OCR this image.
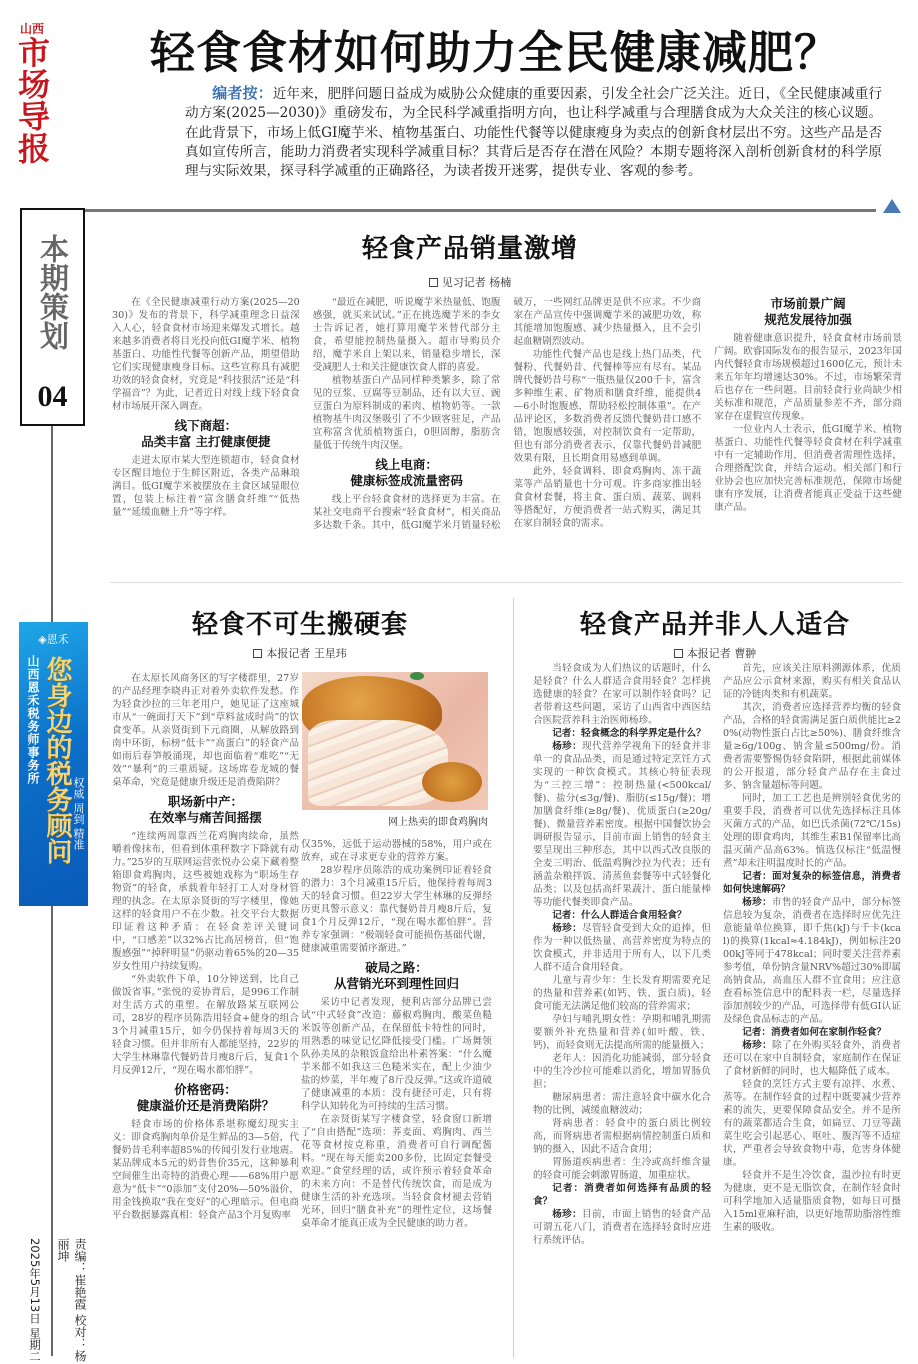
山西
市场导报 轻食食材如何助力全民健康减肥？
  编者按：近年来，肥胖问题日益成为威胁公众健康的重要因素，引发全社会广泛关注。近日，《全民健康减重行动方案(2025—2030)》重磅发布，为全民科学减重指明方向，也让科学减重与合理膳食成为大众关注的核心议题。在此背景下，市场上低GI魔芋米、植物基蛋白、功能性代餐等以健康瘦身为卖点的创新食材层出不穷。这些产品是否真如宣传所言，能助力消费者实现科学减重目标？其背后是否存在潜在风险？本期专题将深入剖析创新食材的科学原理与实际效果，探寻科学减重的正确路径，为读者拨开迷雾，提供专业、客观的参考。
本期策划
04
◈恩禾
山西恩禾税务师事务所 您身边的税务顾问 权威 周到 精准
责编：崔艳霞 校对：杨丽坤
2025年5月13日 星期二
轻食产品销量激增
见习记者 杨楠

在《全民健康减重行动方案(2025—2030)》发布的背景下，科学减重理念日益深入人心，轻食食材市场迎来爆发式增长。越来越多消费者将目光投向低GI魔芋米、植物基蛋白、功能性代餐等创新产品，期望借助它们实现健康瘦身目标。这些宣称具有减肥功效的轻食食材，究竟是“科技狠活”还是“科学福音”？为此，记者近日对线上线下轻食食材市场展开深入调查。

线下商超：
品类丰富 主打健康便捷

走进太原市某大型连锁超市，轻食食材专区醒目地位于生鲜区附近，各类产品琳琅满目。低GI魔芋米被摆放在主食区域显眼位置，包装上标注着“富含膳食纤维”“低热量”“延缓血糖上升”等字样。

“最近在减肥，听说魔芋米热量低、饱腹感强，就买来试试。”正在挑选魔芋米的李女士告诉记者，她打算用魔芋米替代部分主食，希望能控制热量摄入。超市导购员介绍，魔芋米自上架以来，销量稳步增长，深受减肥人士和关注健康饮食人群的喜爱。

植物基蛋白产品同样种类繁多，除了常见的豆浆、豆腐等豆制品，还有以大豆、豌豆蛋白为原料制成的素肉、植物奶等。一款植物基牛肉汉堡吸引了不少顾客驻足，产品宣称富含优质植物蛋白，0胆固醇，脂肪含量低于传统牛肉汉堡。

线上电商：
健康标签成流量密码

线上平台轻食食材的选择更为丰富。在某社交电商平台搜索“轻食食材”，相关商品多达数千条。其中，低GI魔芋米月销量轻松破万，一些网红品牌更是供不应求。不少商家在产品宣传中强调魔芋米的减肥功效，称其能增加饱腹感、减少热量摄入，且不会引起血糖剧烈波动。

功能性代餐产品也是线上热门品类，代餐粉、代餐奶昔、代餐棒等应有尽有。某品牌代餐奶昔号称“一瓶热量仅200千卡，富含多种维生素、矿物质和膳食纤维，能提供4—6小时饱腹感，帮助轻松控制体重”。在产品评论区，多数消费者反馈代餐奶昔口感不错，饱腹感较强，对控制饮食有一定帮助，但也有部分消费者表示，仅靠代餐奶昔减肥效果有限，且长期食用易感到单调。

此外，轻食调料、即食鸡胸肉、冻干蔬菜等产品销量也十分可观。许多商家推出轻食食材套餐，将主食、蛋白质、蔬菜、调料等搭配好，方便消费者一站式购买，满足其在家自制轻食的需求。

市场前景广阔
规范发展待加强

随着健康意识提升，轻食食材市场前景广阔。欧睿国际发布的报告显示，2023年国内代餐轻食市场规模超过1600亿元，预计未来五年年均增速达30%。不过，市场繁荣背后也存在一些问题。目前轻食行业尚缺少相关标准和规范，产品质量参差不齐，部分商家存在虚假宣传现象。

一位业内人士表示，低GI魔芋米、植物基蛋白、功能性代餐等轻食食材在科学减重中有一定辅助作用，但消费者需理性选择，合理搭配饮食，并结合运动。相关部门和行业协会也应加快完善标准规范，保障市场健康有序发展，让消费者能真正受益于这些健康产品。

轻食不可生搬硬套
本报记者 王星玮

在太原长风商务区的写字楼群里，27岁的产品经理李晓冉正对着外卖软件发愁。作为轻食沙拉的三年老用户，她见证了这座城市从“一碗面打天下”到“草料盆成时尚”的饮食变革。从亲贤街到下元商圈，从解放路到南中环街，标榜“低卡”“高蛋白”的轻食产品如雨后春笋般涌现，却也面临着“难吃”“无效”“暴利”的三重质疑。这场席卷龙城的餐桌革命，究竟是健康升级还是消费陷阱？

职场新中产：
在效率与痛苦间摇摆

“连续两周靠西兰花鸡胸肉续命，虽然嚼着像抹布，但看到体重秤数字下降就有动力。”25岁的互联网运营张悦办公桌下藏着整箱即食鸡胸肉，这些被她戏称为“职场生存物资”的轻食，承载着年轻打工人对身材管理的执念。在太原亲贤街的写字楼里，像她这样的轻食用户不在少数。社交平台大数据印证着这种矛盾：在轻食差评关键词中，“口感差”以32%占比高居榜首，但“饱腹感强”“掉秤明显”仍驱动着65%的20—35岁女性用户持续复购。

“外卖软件下单，10分钟送到，比自己做饭省事。”张悦的妥协背后，是996工作制对生活方式的重塑。在解放路某互联网公司，28岁的程序员陈浩用轻食+健身的组合3个月减重15斤，如今仍保持着每周3天的轻食习惯。但并非所有人都能坚持，22岁的大学生林琳靠代餐奶昔月瘦8斤后，复食1个月反弹12斤，“现在喝水都怕胖”。

价格密码：
健康溢价还是消费陷阱？

轻食市场的价格体系堪称魔幻现实主义：即食鸡胸肉单价是生鲜品的3—5倍，代餐奶昔毛利率超85%的传闻引发行业地震。某品牌成本5元的奶昔售价35元，这种暴利空间催生出奇特的消费心理——68%用户愿意为“低卡”“0添加”支付20%—50%溢价，用金钱换取“我在变好”的心理暗示。但电商平台数据暴露真相：轻食产品3个月复购率

网上热卖的即食鸡胸肉

仅35%，远低于运动器械的58%，用户或在放弃，或在寻求更专业的营养方案。

28岁程序员陈浩的成功案例印证着轻食的潜力：3个月减重15斤后，他保持着每周3天的轻食习惯。但22岁大学生林琳的反弹经历更具警示意义：靠代餐奶昔月瘦8斤后，复食1个月反弹12斤，“现在喝水都怕胖”。营养专家强调：“极端轻食可能损伤基础代谢，健康减重需要循序渐进。”

破局之路：
从营销光环到理性回归

采访中记者发现，便利店部分品牌已尝试“中式轻食”改造：藤椒鸡胸肉、酸菜鱼糙米饭等创新产品，在保留低卡特性的同时，用熟悉的味觉记忆降低接受门槛。广场舞领队孙美凤的杂粮饭盒给出朴素答案：“什么魔芋米都不如我这三色糙米实在，配上少油少盐的炒菜，半年瘦了8斤没反弹。”这或许道破了健康减重的本质：没有捷径可走，只有将科学认知转化为可持续的生活习惯。

在亲贤街某写字楼食堂，轻食窗口新增了“自由搭配”选项：荞麦面、鸡胸肉、西兰花等食材按克称重，消费者可自行调配酱料。“现在每天能卖200多份，比固定套餐受欢迎。”食堂经理的话，或许预示着轻食革命的未来方向：不是替代传统饮食，而是成为健康生活的补充选项。当轻食食材褪去营销光环，回归“膳食补充”的理性定位，这场餐桌革命才能真正成为全民健康的助力者。

轻食产品并非人人适合
本报记者 曹翀

当轻食成为人们热议的话题时，什么是轻食？什么人群适合食用轻食？怎样挑选健康的轻食？在家可以制作轻食吗？记者带着这些问题，采访了山西省中西医结合医院营养科主治医师杨珍。

记者：轻食概念的科学界定是什么？

杨珍：现代营养学视角下的轻食并非单一的食品品类，而是通过特定烹饪方式实现的一种饮食模式。其核心特征表现为“三控三增”：控制热量(<500kcal/餐)、盐分(≤3g/餐)、脂肪(≤15g/餐)；增加膳食纤维(≥8g/餐)、优质蛋白(≥20g/餐)、微量营养素密度。根据中国餐饮协会调研报告显示，目前市面上销售的轻食主要呈现出三种形态，其中以西式改良版的全麦三明治、低温鸡胸沙拉为代表；还有涵盖杂粮拌饭、清蒸鱼套餐等中式轻餐化品类；以及包括高纤果蔬汁、蛋白能量棒等功能代餐类即食产品。

记者：什么人群适合食用轻食？

杨珍：尽管轻食受到大众的追捧，但作为一种以低热量、高营养密度为特点的饮食模式，并非适用于所有人，以下几类人群不适合食用轻食。

儿童与青少年：生长发育期需要充足的热量和营养素(如钙、铁、蛋白质)，轻食可能无法满足他们较高的营养需求；

孕妇与哺乳期女性：孕期和哺乳期需要额外补充热量和营养(如叶酸、铁、钙)，而轻食则无法提高所需的能量摄入；

老年人：因消化功能减弱，部分轻食中的生冷沙拉可能难以消化，增加胃肠负担；

糖尿病患者：需注意轻食中碳水化合物的比例，减缓血糖波动；

肾病患者：轻食中的蛋白质比例较高，而肾病患者需根据病情控制蛋白质和钠的摄入，因此不适合食用；

胃肠道疾病患者：生冷或高纤维含量的轻食可能会刺激胃肠道，加重症状。

记者：消费者如何选择有品质的轻食？

杨珍：目前，市面上销售的轻食产品可谓五花八门，消费者在选择轻食时应进行系统评估。

首先，应该关注原料溯源体系，优质产品应公示食材来源，购买有相关食品认证的冷链肉类和有机蔬菜。

其次，消费者应选择营养均衡的轻食产品，合格的轻食需满足蛋白质供能比≥20%(动物性蛋白占比≥50%)、膳食纤维含量≥6g/100g、钠含量≤500mg/份。消费者需要警惕伪轻食陷阱，根据此前媒体的公开报道，部分轻食产品存在主食过多、钠含量超标等问题。

同时，加工工艺也是辨别轻食优劣的重要手段，消费者可以优先选择标注具体灭菌方式的产品，如巴氏杀菌(72℃/15s)处理的即食鸡肉，其维生素B1保留率比高温灭菌产品高63%。慎选仅标注“低温慢煮”却未注明温度时长的产品。

记者：面对复杂的标签信息，消费者如何快速解码？

杨珍：市售的轻食产品中，部分标签信息较为复杂，消费者在选择时应优先注意能量单位换算，即千焦(kJ)与千卡(kcal)的换算(1kcal≈4.184kJ)，例如标注2000kJ等同于478kcal；同时要关注营养素参考值，单份钠含量NRV%超过30%即属高钠食品，高血压人群不宜食用；应注意查看标签信息中的配料表一栏，尽量选择添加剂较少的产品，可选择带有低GI认证及绿色食品标志的产品。

记者：消费者如何在家制作轻食？

杨珍：除了在外购买轻食外，消费者还可以在家中自制轻食，家庭制作在保证了食材新鲜的同时，也大幅降低了成本。

轻食的烹饪方式主要有凉拌、水煮、蒸等。在制作轻食的过程中既要减少营养素的流失，更要保障食品安全。并不是所有的蔬菜都适合生食，如扁豆、刀豆等蔬菜生吃会引起恶心、呕吐、腹泻等不适症状，严重者会导致食物中毒，危害身体健康。

轻食并不是生冷饮食，温沙拉有时更为健康，更不是无脂饮食，在制作轻食时可科学地加入适量脂质食物，如每日可摄入15ml亚麻籽油，以更好地帮助脂溶性维生素的吸收。
